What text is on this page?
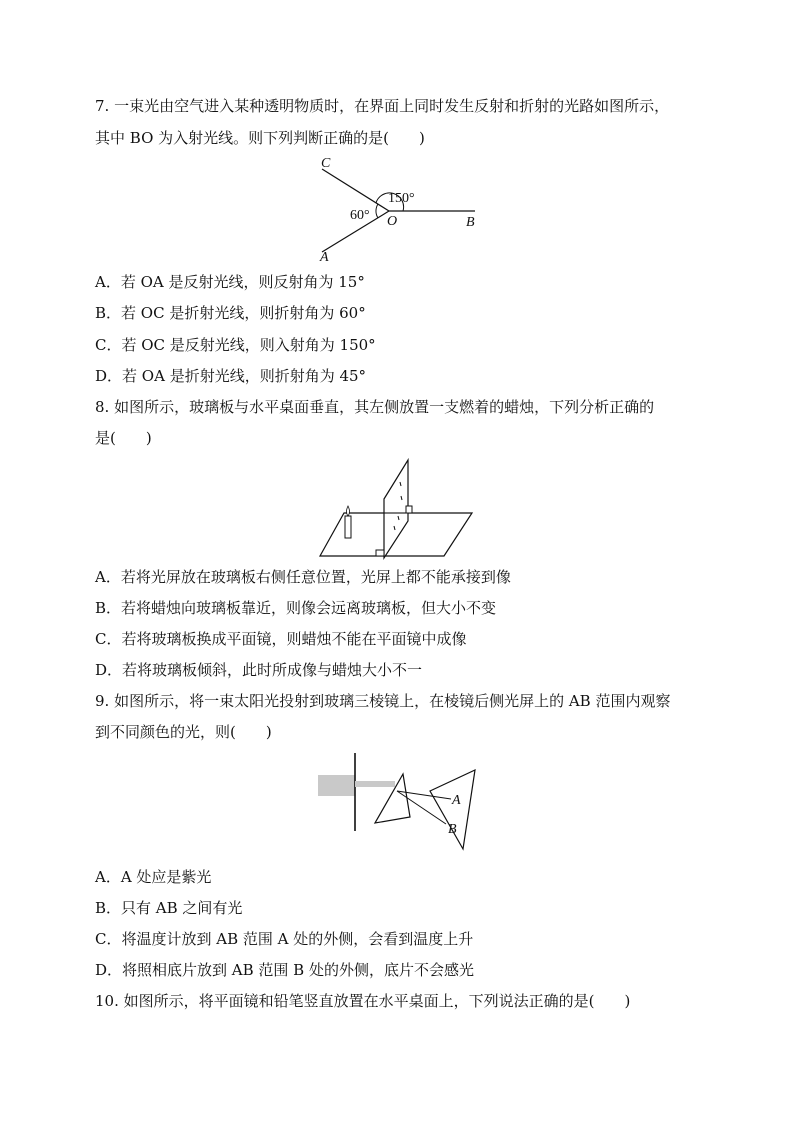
7. 一束光由空气进入某种透明物质时，在界面上同时发生反射和折射的光路如图所示，
其中 BO 为入射光线。则下列判断正确的是(　　)
C
A
O	B
150°
60°
A．若 OA 是反射光线，则反射角为 15°
B．若 OC 是折射光线，则折射角为 60°
C．若 OC 是反射光线，则入射角为 150°
D．若 OA 是折射光线，则折射角为 45°
8. 如图所示，玻璃板与水平桌面垂直，其左侧放置一支燃着的蜡烛，下列分析正确的
是(　　)
A．若将光屏放在玻璃板右侧任意位置，光屏上都不能承接到像
B．若将蜡烛向玻璃板靠近，则像会远离玻璃板，但大小不变
C．若将玻璃板换成平面镜，则蜡烛不能在平面镜中成像
D．若将玻璃板倾斜，此时所成像与蜡烛大小不一
9. 如图所示，将一束太阳光投射到玻璃三棱镜上，在棱镜后侧光屏上的 AB 范围内观察
到不同颜色的光，则(　　)
A
B
A．A 处应是紫光
B．只有 AB 之间有光
C．将温度计放到 AB 范围 A 处的外侧，会看到温度上升
D．将照相底片放到 AB 范围 B 处的外侧，底片不会感光
10. 如图所示，将平面镜和铅笔竖直放置在水平桌面上，下列说法正确的是(　　)
